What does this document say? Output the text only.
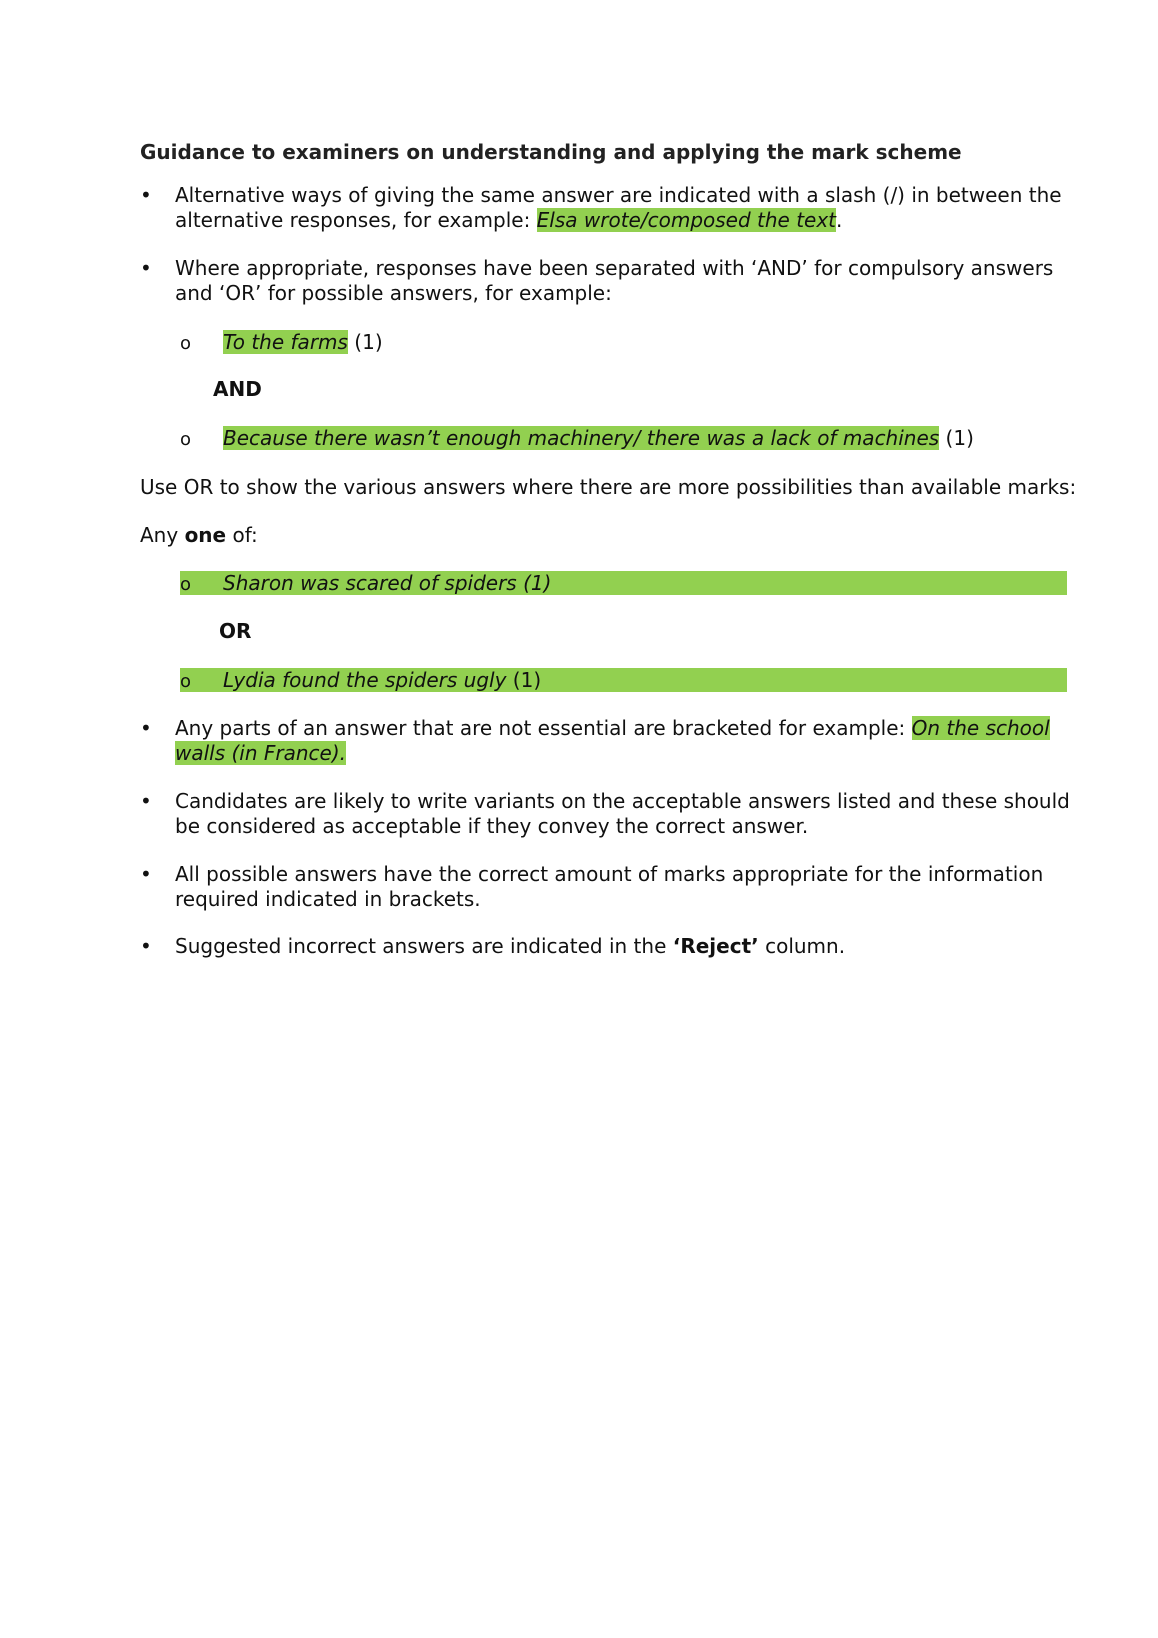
Guidance to examiners on understanding and applying the mark scheme
•	Alternative ways of giving the same answer are indicated with a slash (/) in between the alternative responses, for example: Elsa wrote/composed the text.
•	Where appropriate, responses have been separated with ‘AND’ for compulsory answers and ‘OR’ for possible answers, for example:
o To the farms (1)
AND
o Because there wasn’t enough machinery/ there was a lack of machines (1)
Use OR to show the various answers where there are more possibilities than available marks:
Any one of:
o Sharon was scared of spiders (1)
OR
o Lydia found the spiders ugly (1)
•	Any parts of an answer that are not essential are bracketed for example: On the school
walls (in France).
•	Candidates are likely to write variants on the acceptable answers listed and these should be considered as acceptable if they convey the correct answer.
•	All possible answers have the correct amount of marks appropriate for the information required indicated in brackets.
•	Suggested incorrect answers are indicated in the ‘Reject’ column.
